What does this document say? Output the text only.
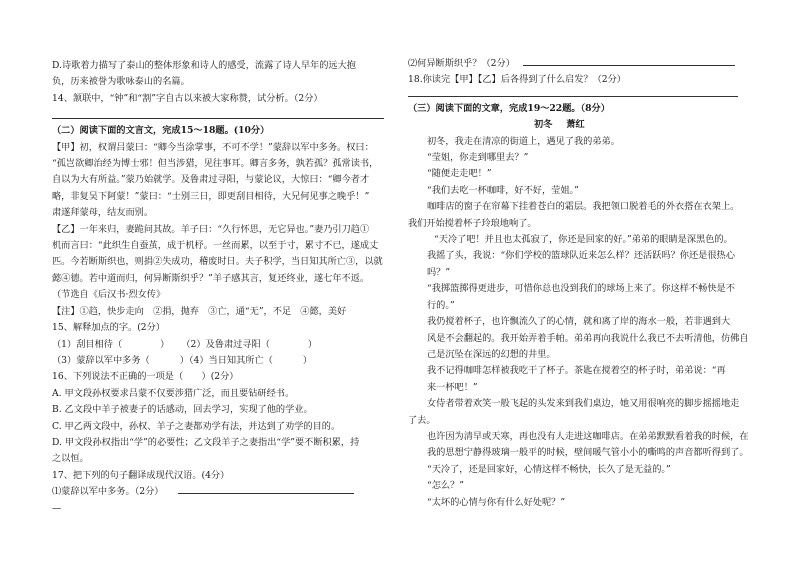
D.诗歌着力描写了泰山的整体形象和诗人的感受，流露了诗人早年的远大抱
负，历来被誉为歌咏泰山的名篇。
14、颔联中，“钟”和“割”字自古以来被大家称赞，试分析。（2分）
（二）阅读下面的文言文，完成15～18题。(10分）
【甲】初，权谓吕蒙曰：“卿今当涂掌事，不可不学！”蒙辞以军中多务。权曰：
“孤岂欲卿治经为博士邪！但当涉猎，见往事耳。卿言多务，孰若孤？孤常读书，
自以为大有所益。”蒙乃始就学。及鲁肃过寻阳，与蒙论议，大惊曰：“卿今者才
略，非复吴下阿蒙！”蒙曰：“士别三日，即更刮目相待，大兄何见事之晚乎！”
肃遂拜蒙母，结友而别。
【乙】一年来归，妻跪问其故。羊子曰：“久行怀思，无它异也。”妻乃引刀趋①
机而言曰：“此织生自蚕茧，成于机杼。一丝而累，以至于寸，累寸不已，遂成丈
匹。今若断斯织也，则捐②失成功，稽废时日。夫子积学，当日知其所亡③，以就
懿④德。若中道而归，何异断斯织乎？”羊子感其言，复还终业，遂七年不返。
（节选自《后汉书·烈女传》
【注】①趋，快步走向　②捐，抛弃　③亡，通“无”，不足　④懿，美好
15、解释加点的字。(2分）
（1）刮目相待（	） （2）及鲁肃过寻阳（	）
（3）蒙辞以军中多务（	）（4）当日知其所亡（	）
16、下列说法不正确的一项是（　　）(2分）
A. 甲文段孙权要求吕蒙不仅要涉猎广泛，而且要钻研经书。
B. 乙文段中羊子被妻子的话感动，回去学习，实现了他的学业。
C. 甲乙两文段中，孙权、羊子之妻都劝学有法，并达到了劝学的目的。
D. 甲文段孙权指出“学”的必要性；乙文段羊子之妻指出“学”要不断积累，持
之以恒。
17、把下列的句子翻译成现代汉语。(4分）
⑴蒙辞以军中多务。（2分）
—
⑵何异断斯织乎？（2分）
18.你读完【甲】【乙】后各得到了什么启发？（2分）
（三）阅读下面的文章，完成19～22题。（8分）
初冬 萧红
初冬，我走在清凉的街道上，遇见了我的弟弟。
“莹姐，你走到哪里去？”
“随便走走吧！”
“我们去吃一杯咖啡，好不好，莹姐。”
咖啡店的窗子在帘幕下挂着苍白的霜层。我把领口脱着毛的外衣搭在衣架上。
我们开始搅着杯子玲琅地响了。
“天冷了吧！并且也太孤寂了，你还是回家的好。”弟弟的眼睛是深黑色的。
我摇了头，我说：“你们学校的篮球队近来怎么样？还活跃吗？你还是很热心
吗？”
“我掷篮掷得更进步，可惜你总也没到我们的球场上来了。你这样不畅快是不
行的。”
我仍搅着杯子，也许飘流久了的心情，就和离了岸的海水一般，若非遇到大
风是不会翻起的。我开始弄着手帕。弟弟再向我说什么我已不去听清他，仿佛自
己是沉坠在深远的幻想的井里。
我不记得咖啡怎样被我吃干了杯子。茶匙在搅着空的杯子时，弟弟说：“再
来一杯吧！”
女侍者带着欢笑一般飞起的头发来到我们桌边，她又用很响亮的脚步摇摇地走
了去。
也许因为清早或天寒，再也没有人走进这咖啡店。在弟弟默默看着我的时候，在
我的思想宁静得玻璃一般平的时候，壁间暖气管小小的嘶鸣的声音都听得到了。
“天冷了，还是回家好，心情这样不畅快，长久了是无益的。”
“怎么？”
“太坏的心情与你有什么好处呢？”
